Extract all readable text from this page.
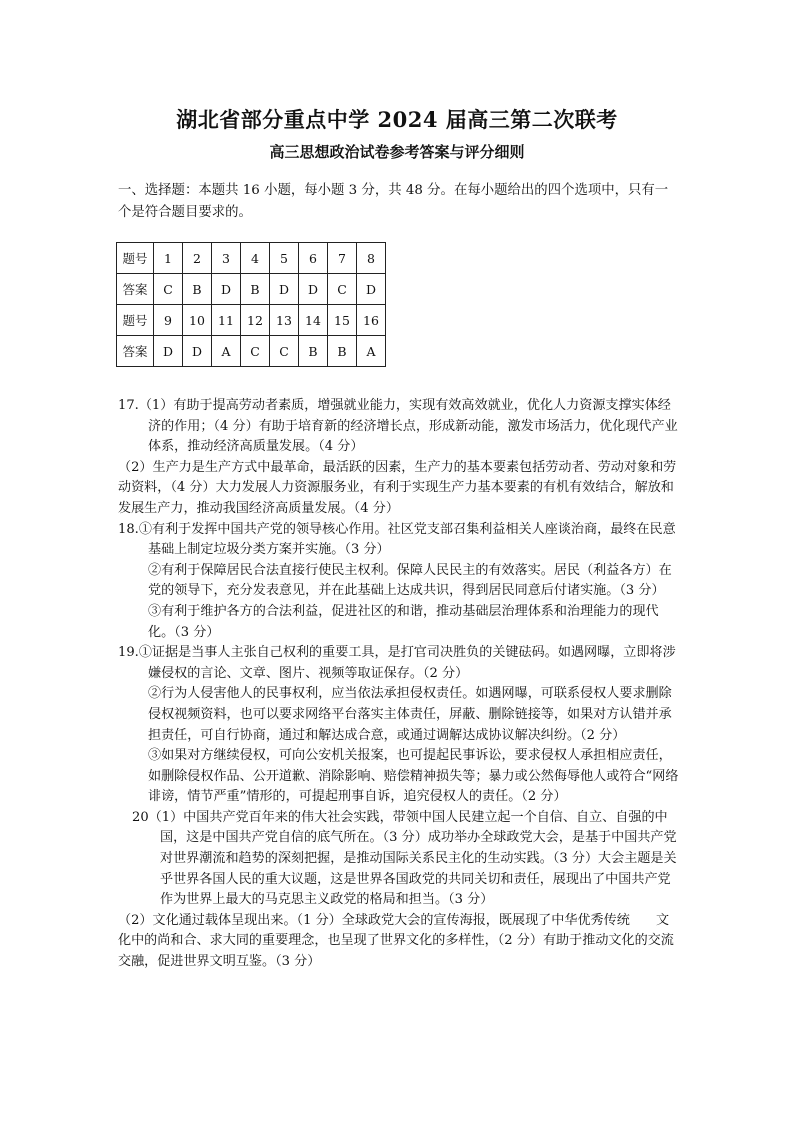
湖北省部分重点中学 2024 届高三第二次联考
高三思想政治试卷参考答案与评分细则
一、选择题：本题共 16 小题，每小题 3 分，共 48 分。在每小题给出的四个选项中，只有一个是符合题目要求的。
题号	1	2	3	4	5	6	7	8
答案	C	B	D	B	D	D	C	D
题号	9	10	11	12	13	14	15	16
答案	D	D	A	C	C	B	B	A

17.（1）有助于提高劳动者素质，增强就业能力，实现有效高效就业，优化人力资源支撑实体经济的作用；（4 分）有助于培育新的经济增长点，形成新动能，激发市场活力，优化现代产业体系，推动经济高质量发展。（4 分）

（2）生产力是生产方式中最革命，最活跃的因素，生产力的基本要素包括劳动者、劳动对象和劳动资料，（4 分）大力发展人力资源服务业，有利于实现生产力基本要素的有机有效结合，解放和发展生产力，推动我国经济高质量发展。（4 分）

18.①有利于发挥中国共产党的领导核心作用。社区党支部召集利益相关人座谈治商，最终在民意基础上制定垃圾分类方案并实施。（3 分）

②有利于保障居民合法直接行使民主权利。保障人民民主的有效落实。居民（利益各方）在党的领导下，充分发表意见，并在此基础上达成共识，得到居民同意后付诸实施。（3 分）

③有利于维护各方的合法利益，促进社区的和谐，推动基础层治理体系和治理能力的现代化。（3 分）

19.①证据是当事人主张自己权利的重要工具，是打官司决胜负的关键砝码。如遇网曝，立即将涉嫌侵权的言论、文章、图片、视频等取证保存。（2 分）

②行为人侵害他人的民事权利，应当依法承担侵权责任。如遇网曝，可联系侵权人要求删除侵权视频资料，也可以要求网络平台落实主体责任，屏蔽、删除链接等，如果对方认错并承担责任，可自行协商，通过和解达成合意，或通过调解达成协议解决纠纷。（2 分）

③如果对方继续侵权，可向公安机关报案，也可提起民事诉讼，要求侵权人承担相应责任，如删除侵权作品、公开道歉、消除影响、赔偿精神损失等；暴力或公然侮辱他人或符合“网络诽谤，情节严重”情形的，可提起刑事自诉，追究侵权人的责任。（2 分）

20（1）中国共产党百年来的伟大社会实践，带领中国人民建立起一个自信、自立、自强的中国，这是中国共产党自信的底气所在。（3 分）成功举办全球政党大会，是基于中国共产党对世界潮流和趋势的深刻把握，是推动国际关系民主化的生动实践。（3 分）大会主题是关乎世界各国人民的重大议题，这是世界各国政党的共同关切和责任，展现出了中国共产党作为世界上最大的马克思主义政党的格局和担当。（3 分）

（2）文化通过载体呈现出来。（1 分）全球政党大会的宣传海报，既展现了中华优秀传统　　文化中的尚和合、求大同的重要理念，也呈现了世界文化的多样性，（2 分）有助于推动文化的交流交融，促进世界文明互鉴。（3 分）
